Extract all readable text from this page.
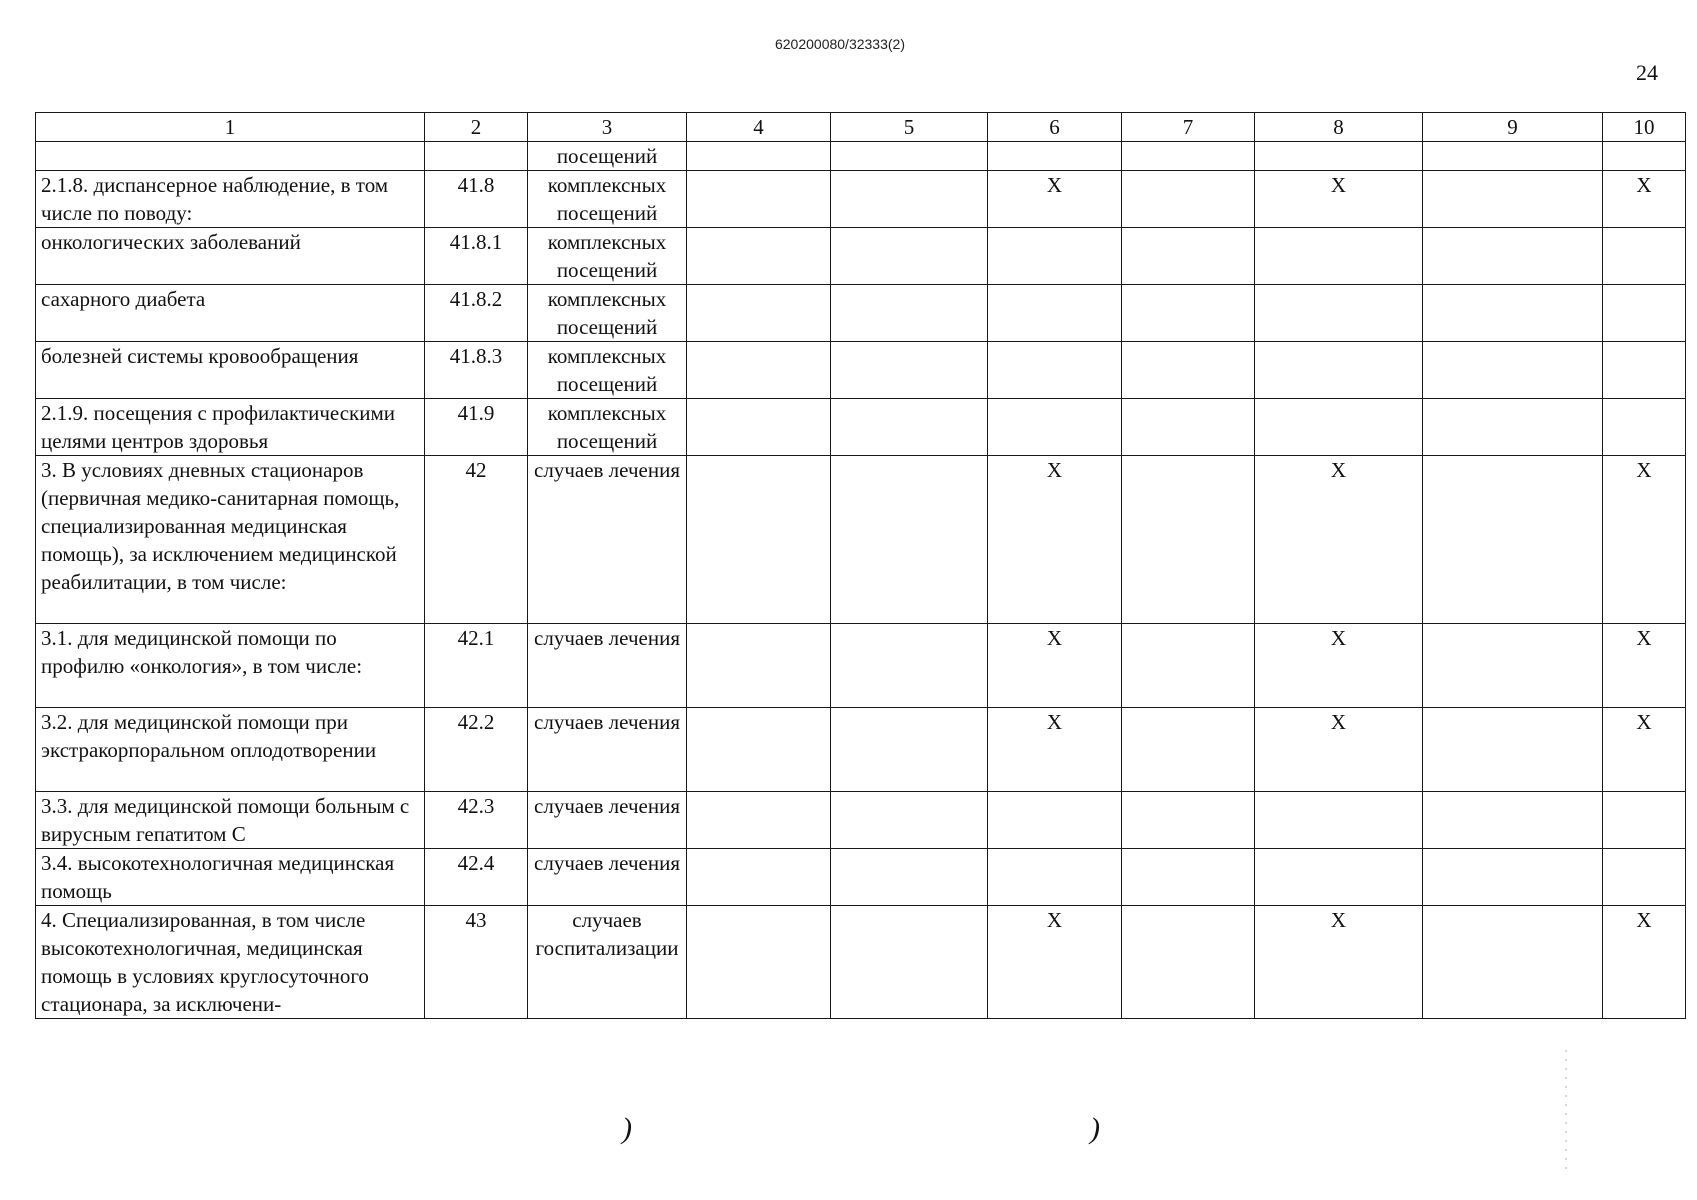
620200080/32333(2)
24
1	2	3	4	5	6	7	8	9	10
		посещений							
2.1.8. диспансерное наблюдение, в том числе по поводу:	41.8	комплексных посещений			X		X		X
онкологических заболеваний	41.8.1	комплексных посещений							
сахарного диабета	41.8.2	комплексных посещений							
болезней системы кровообращения	41.8.3	комплексных посещений							
2.1.9. посещения с профилактическими целями центров здоровья	41.9	комплексных посещений							
3. В условиях дневных стационаров (первичная медико-санитарная помощь, специализированная медицинская помощь), за исключением медицинской реабилитации, в том числе:	42	случаев лечения			X		X		X
3.1. для медицинской помощи по профилю «онкология», в том числе:	42.1	случаев лечения			X		X		X
3.2. для медицинской помощи при экстракорпоральном оплодотворении	42.2	случаев лечения			X		X		X
3.3. для медицинской помощи больным с вирусным гепатитом С	42.3	случаев лечения							
3.4. высокотехнологичная медицинская помощь	42.4	случаев лечения							
4. Специализированная, в том числе высокотехнологичная, медицинская помощь в условиях круглосуточного стационара, за исключени-	43	случаев госпитализации			X		X		X
)	)
